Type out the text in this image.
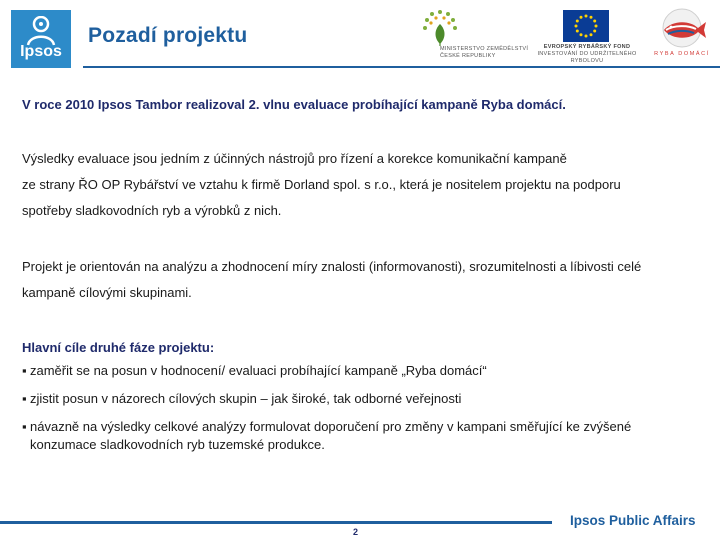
Ipsos
Pozadí projektu
MINISTERSTVO ZEMĚDĚLSTVÍ ČESKÉ REPUBLIKY
EVROPSKÝ RYBÁŘSKÝ FOND
INVESTOVÁNÍ DO UDRŽITELNÉHO
RYBOLOVU
RYBA DOMÁCÍ
V roce 2010 Ipsos Tambor realizoval 2. vlnu evaluace probíhající kampaně Ryba domácí.
Výsledky evaluace jsou jedním z účinných nástrojů pro řízení a korekce komunikační kampaně
ze strany ŘO OP Rybářství ve vztahu k firmě Dorland spol. s r.o., která je nositelem projektu na podporu
spotřeby sladkovodních ryb a výrobků z nich.
Projekt je orientován na analýzu a zhodnocení míry znalosti (informovanosti), srozumitelnosti a líbivosti celé
kampaně cílovými skupinami.
Hlavní cíle druhé fáze projektu:
▪ zaměřit se na posun v hodnocení/ evaluaci probíhající kampaně „Ryba domácí“
▪ zjistit posun v názorech cílových skupin – jak široké, tak odborné veřejnosti
▪ návazně na výsledky celkové analýzy formulovat doporučení pro změny v kampani směřující ke zvýšené
konzumace sladkovodních ryb tuzemské produkce.
2
Ipsos Public Affairs
